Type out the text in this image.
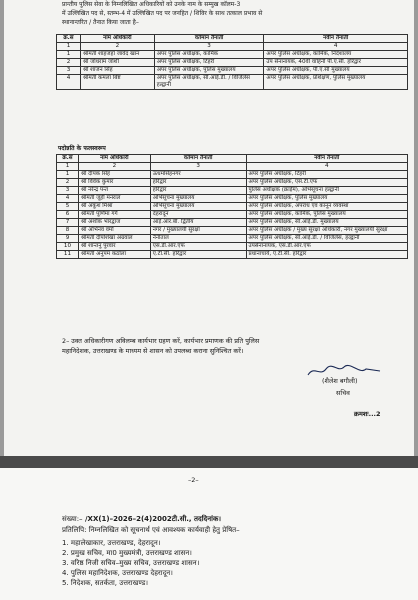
प्रान्तीय पुलिस सेवा के निम्नलिखित अधिकारियों को उनके नाम के सम्मुख कॉलम-3
में उल्लिखित पद से, स्तम्भ-4 में उल्लिखित पद पर जनहित / शिविर के साथ तत्काल प्रभाव से
स्थानान्तरित / तैनात किया जाता है–
क्र.सं	नाम अधिकारी	वर्तमान तैनाती	नवीन तैनाती
1	2	3	4
1	श्रीमती शाहजहाँ जावेद खान	अपर पुलिस अधीक्षक, कार्मिक	अपर पुलिस अधीक्षक, कार्मिक, निदेशालय
2	श्री जोधराम जोशी	अपर पुलिस अधीक्षक, टिहरी	उप सेनानायक, 40वीं वाहिनी पी.ए.सी. हरिद्वार
3	श्री शाजन सिंह	अपर पुलिस अधीक्षक, पुलिस मुख्यालय	अपर पुलिस अधीक्षक, पी.ए.सी मुख्यालय
4	श्रीमती कमला बिष्ट	अपर पुलिस अधीक्षक, सी.आई.डी. / विजिलेंस हल्द्वानी	अपर पुलिस अधीक्षक, प्रशिक्षण, पुलिस मुख्यालय
पदोन्नति के फलस्वरूप
क्र.सं	नाम अधिकारी	वर्तमान तैनाती	नवीन तैनाती
1	2	3	4
1	श्री दीपक सिंह	ऊधमसिंहनगर	अपर पुलिस अधीक्षक, टिहरी
2	श्री विवेक कुमार	हरिद्वार	अपर पुलिस अधीक्षक, एस.टी.एफ
3	श्री नरेन्द्र पन्त	हरिद्वार	पुलिस अधीक्षक (क्राईम), अभिसूचना हल्द्वानी
4	श्रीमती जूही मनराल	अभिसूचना मुख्यालय	अपर पुलिस अधीक्षक, पुलिस मुख्यालय
5	श्री अंकुश मिश्रा	अभिसूचना मुख्यालय	अपर पुलिस अधीक्षक, अपराध एवं कानून व्यवस्था
6	श्रीमती पूर्णिमा गर्ग	देहरादून	अपर पुलिस अधीक्षक, कार्मिक, पुलिस मुख्यालय
7	श्री अशोक भारद्वाज	आई.आर.बी. द्वितीय	अपर पुलिस अधीक्षक, सी.आई.डी. मुख्यालय
8	श्री अभिनव वर्मा	नगर / मुख्यालयी सुरक्षा	अपर पुलिस अधीक्षक / मुख्य सुरक्षा अधिकारी, नगर मुख्यालयी सुरक्षा
9	श्रीमती दीपशिखा अग्रवाल	नैनीताल	अपर पुलिस अधीक्षक, सी.आई.डी. / विजिलेंस, हल्द्वानी
10	श्री शान्तनु पुरवार	एस.डी.आर.एफ	उपसेनानायक, एस.डी.आर.एफ
11	श्रीमती अनुपम कठोला	ए.टी.सी. हरिद्वार	प्रधानाचार्य, ए.टी.सी. हरिद्वार
2– उक्त अधिकारीगण अविलम्ब कार्यभार ग्रहण करें, कार्यभार प्रमाणक की प्रति पुलिस
महानिदेशक, उत्तराखण्ड के माध्यम से शासन को उपलब्ध कराना सुनिश्चित करें।
(शैलेश बगौली)
सचिव
क्रमशः...2
–2–
संख्या:– /XX(1)–2026–2(4)2002टी.सी., तददिनांक।
प्रतिलिपि: निम्नलिखित को सूचनार्थ एवं आवश्यक कार्यवाही हेतु प्रेषित–
1. महालेखाकार, उत्तराखण्ड, देहरादून।
2. प्रमुख सचिव, मा0 मुख्यमंत्री, उत्तराखण्ड शासन।
3. वरिष्ठ निजी सचिव–मुख्य सचिव, उत्तराखण्ड शासन।
4. पुलिस महानिदेशक, उत्तराखण्ड देहरादून।
5. निदेशक, सतर्कता, उत्तराखण्ड।
